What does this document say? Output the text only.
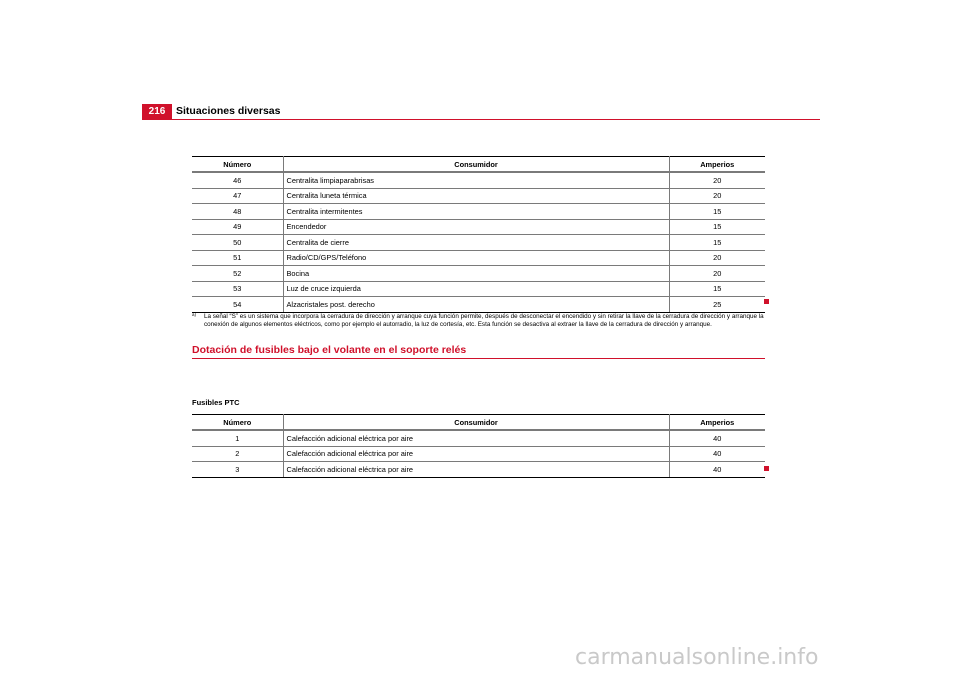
216	Situaciones diversas
Número	Consumidor	Amperios
46	Centralita limpiaparabrisas	20
47	Centralita luneta térmica	20
48	Centralita intermitentes	15
49	Encendedor	15
50	Centralita de cierre	15
51	Radio/CD/GPS/Teléfono	20
52	Bocina	20
53	Luz de cruce izquierda	15
54	Alzacristales post. derecho	25
a)	La señal “S” es un sistema que incorpora la cerradura de dirección y arranque cuya función permite, después de desconectar el encendido y sin retirar la llave de la cerradura de dirección y arranque la conexión de algunos elementos eléctricos, como por ejemplo el autorradio, la luz de cortesía, etc. Esta función se desactiva al extraer la llave de la cerradura de dirección y arranque.
Dotación de fusibles bajo el volante en el soporte relés
Fusibles PTC
Número	Consumidor	Amperios
1	Calefacción adicional eléctrica por aire	40
2	Calefacción adicional eléctrica por aire	40
3	Calefacción adicional eléctrica por aire	40
carmanualsonline.info
